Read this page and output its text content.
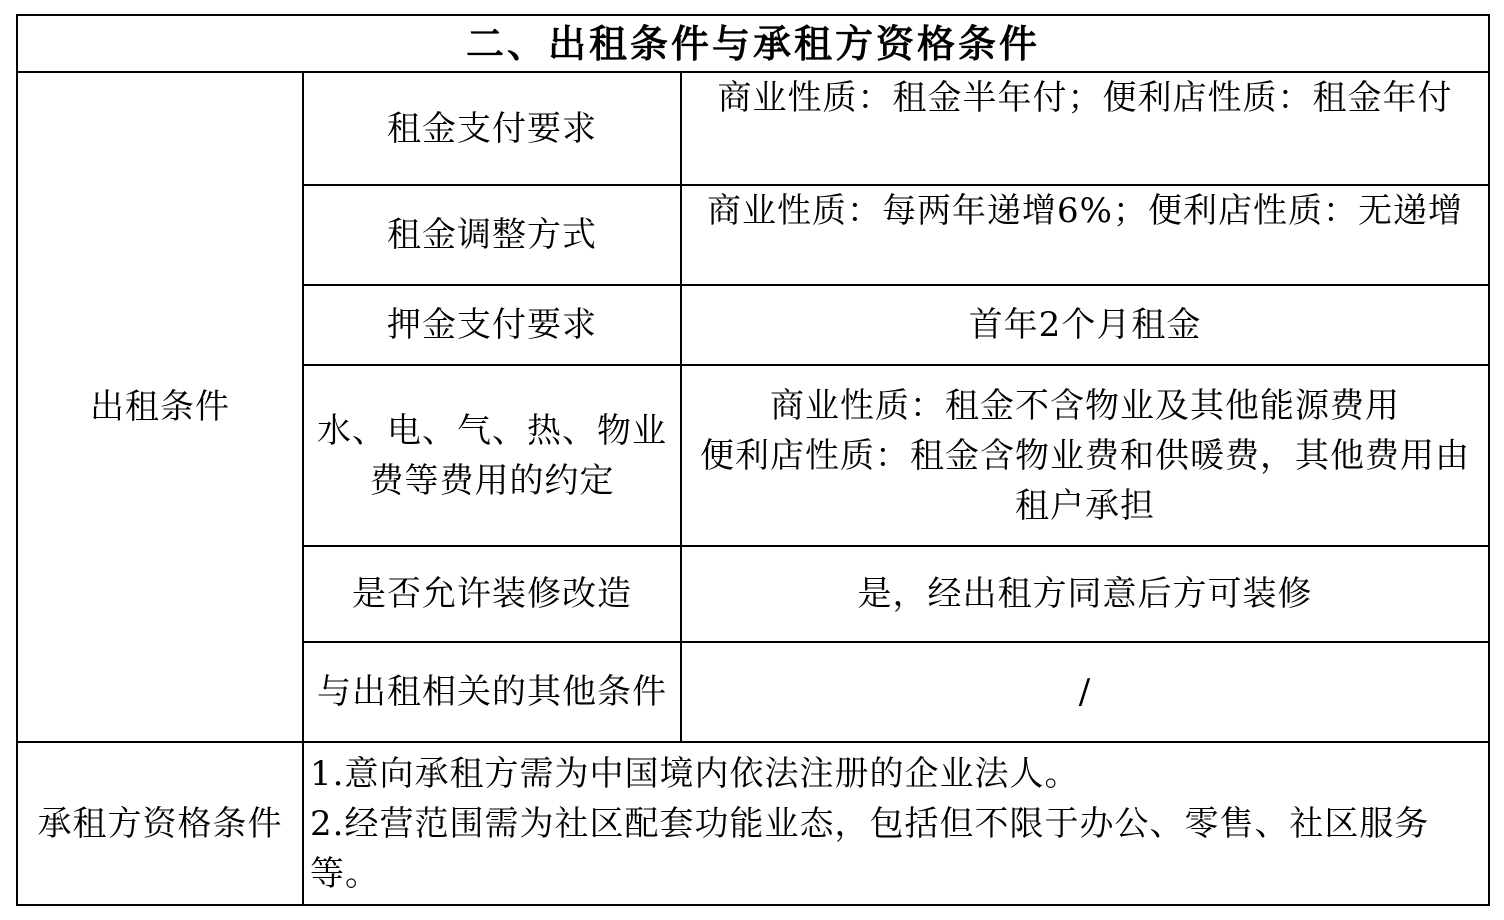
二、出租条件与承租方资格条件		
出租条件	租金支付要求	商业性质：租金半年付；便利店性质：租金年付
	租金调整方式	商业性质：每两年递增6%；便利店性质：无递增
	押金支付要求	首年2个月租金
	水、电、气、热、物业费等费用的约定	商业性质：租金不含物业及其他能源费用
便利店性质：租金含物业费和供暖费，其他费用由租户承担

	是否允许装修改造	是，经出租方同意后方可装修
	与出租相关的其他条件	/
承租方资格条件	1.意向承租方需为中国境内依法注册的企业法人。
2.经营范围需为社区配套功能业态，包括但不限于办公、零售、社区服务等。	
